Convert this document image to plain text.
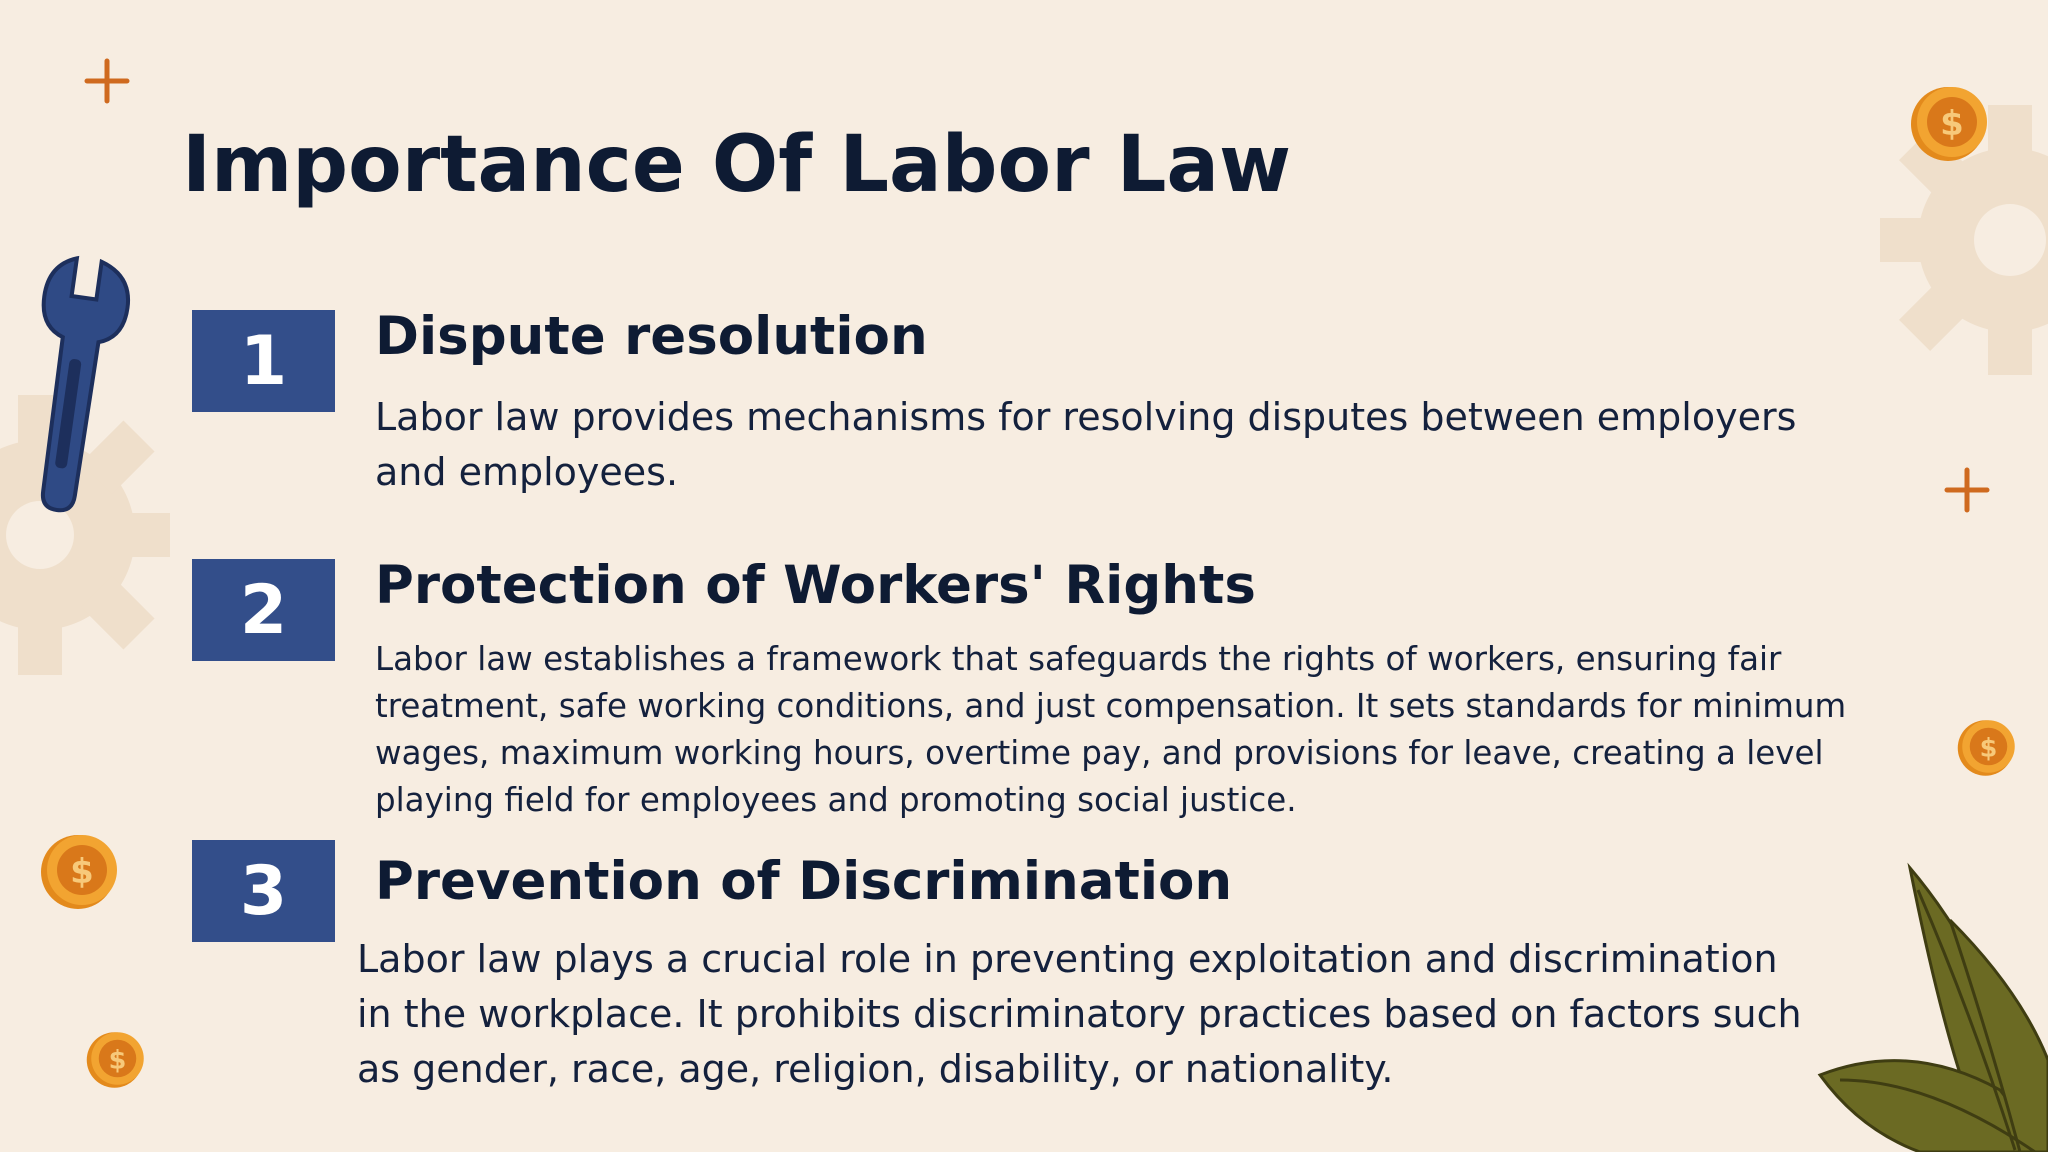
$
$
$
$
Importance Of Labor Law
1	Dispute resolution

Labor law provides mechanisms for resolving disputes between employers and employees.

2	Protection of Workers' Rights

Labor law establishes a framework that safeguards the rights of workers, ensuring fair treatment, safe working conditions, and just compensation. It sets standards for minimum wages, maximum working hours, overtime pay, and provisions for leave, creating a level playing field for employees and promoting social justice.

3	Prevention of Discrimination

Labor law plays a crucial role in preventing exploitation and discrimination in the workplace. It prohibits discriminatory practices based on factors such as gender, race, age, religion, disability, or nationality.
